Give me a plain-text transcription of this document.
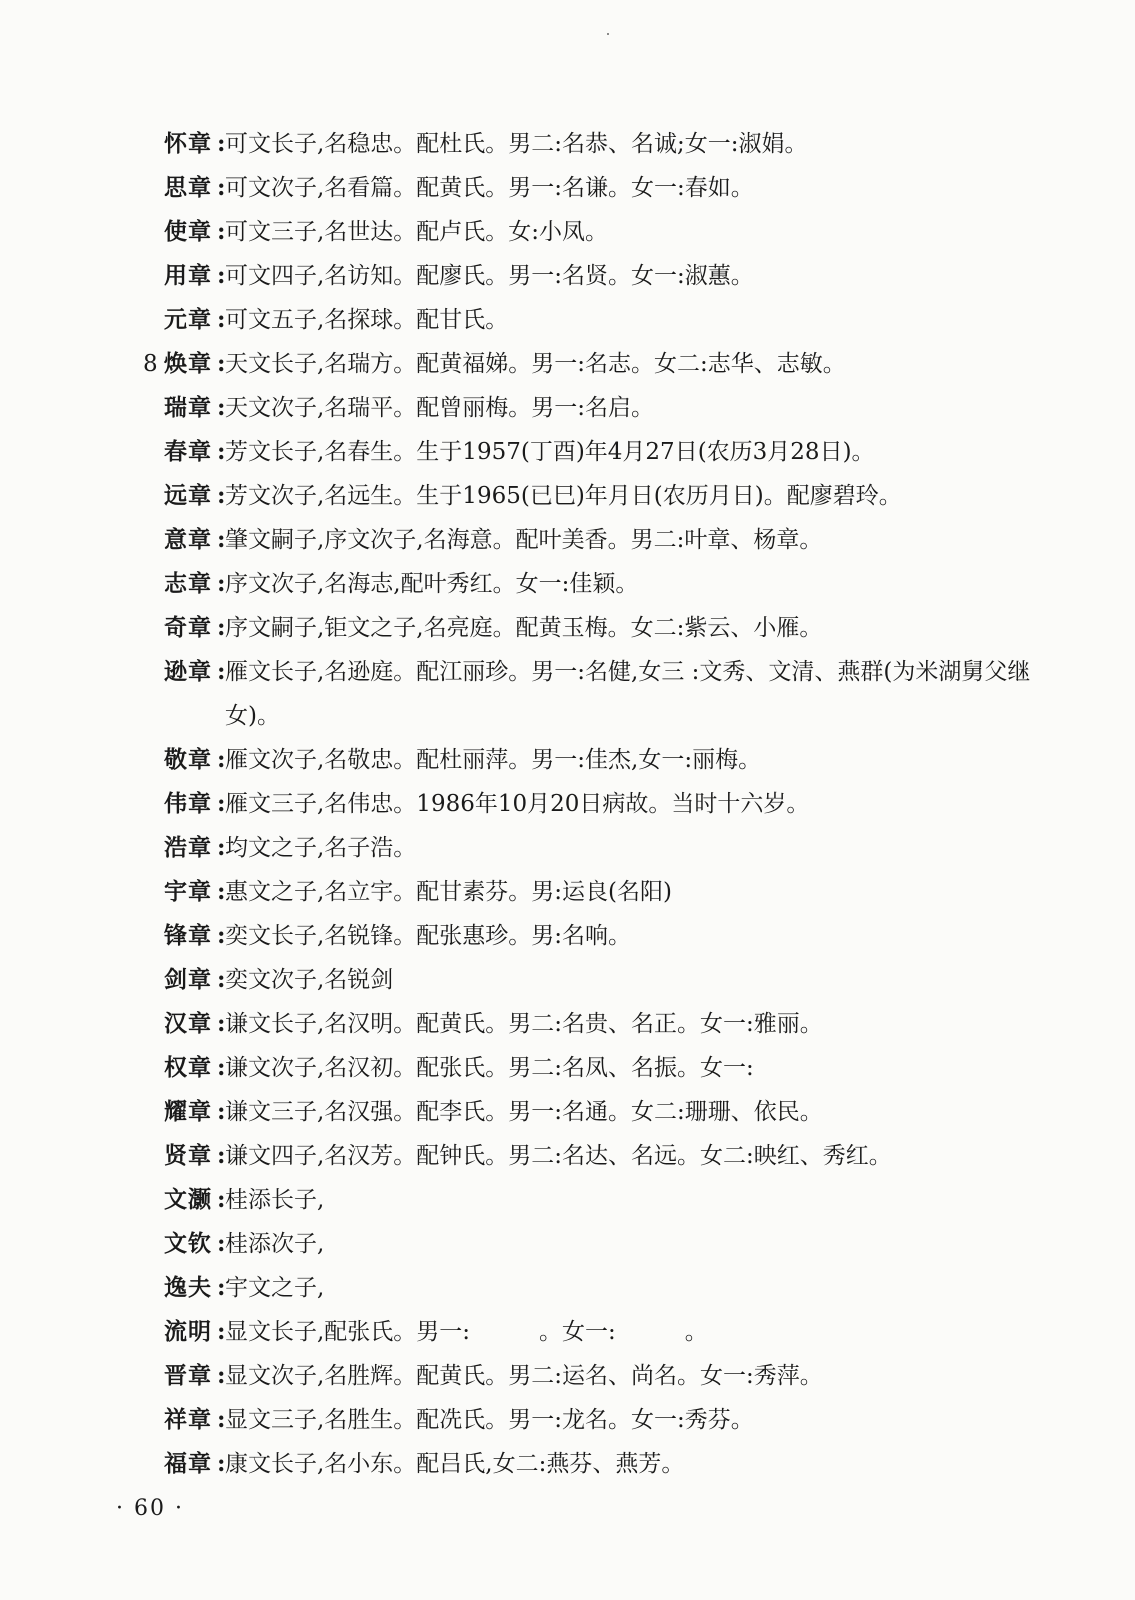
怀章 : 可文长子,名稳忠。配杜氏。男二:名恭、名诚;女一:淑娟。
思章 : 可文次子,名看篇。配黄氏。男一:名谦。女一:春如。
使章 : 可文三子,名世达。配卢氏。女:小凤。
用章 : 可文四子,名访知。配廖氏。男一:名贤。女一:淑蕙。
元章 : 可文五子,名探球。配甘氏。
8 焕章 : 天文长子,名瑞方。配黄福娣。男一:名志。女二:志华、志敏。
瑞章 : 天文次子,名瑞平。配曾丽梅。男一:名启。
春章 : 芳文长子,名春生。生于1957(丁酉)年4月27日(农历3月28日)。
远章 : 芳文次子,名远生。生于1965(已巳)年月日(农历月日)。配廖碧玲。
意章 : 肇文嗣子,序文次子,名海意。配叶美香。男二:叶章、杨章。
志章 : 序文次子,名海志,配叶秀红。女一:佳颖。
奇章 : 序文嗣子,钜文之子,名亮庭。配黄玉梅。女二:紫云、小雁。
逊章 : 雁文长子,名逊庭。配江丽珍。男一:名健,女三 :文秀、文清、燕群(为米湖舅父继女)。
敬章 : 雁文次子,名敬忠。配杜丽萍。男一:佳杰,女一:丽梅。
伟章 : 雁文三子,名伟忠。1986年10月20日病故。当时十六岁。
浩章 : 均文之子,名子浩。
宇章 : 惠文之子,名立宇。配甘素芬。男:运良(名阳)
锋章 : 奕文长子,名锐锋。配张惠珍。男:名响。
剑章 : 奕文次子,名锐剑
汉章 : 谦文长子,名汉明。配黄氏。男二:名贵、名正。女一:雅丽。
权章 : 谦文次子,名汉初。配张氏。男二:名凤、名振。女一:
耀章 : 谦文三子,名汉强。配李氏。男一:名通。女二:珊珊、依民。
贤章 : 谦文四子,名汉芳。配钟氏。男二:名达、名远。女二:映红、秀红。
文灏 : 桂添长子,
文钦 : 桂添次子,
逸夫 : 宇文之子,
流明 : 显文长子,配张氏。男一:　　　。女一:　　　。
晋章 : 显文次子,名胜辉。配黄氏。男二:运名、尚名。女一:秀萍。
祥章 : 显文三子,名胜生。配冼氏。男一:龙名。女一:秀芬。
福章 : 康文长子,名小东。配吕氏,女二:燕芬、燕芳。
· 60 ·
